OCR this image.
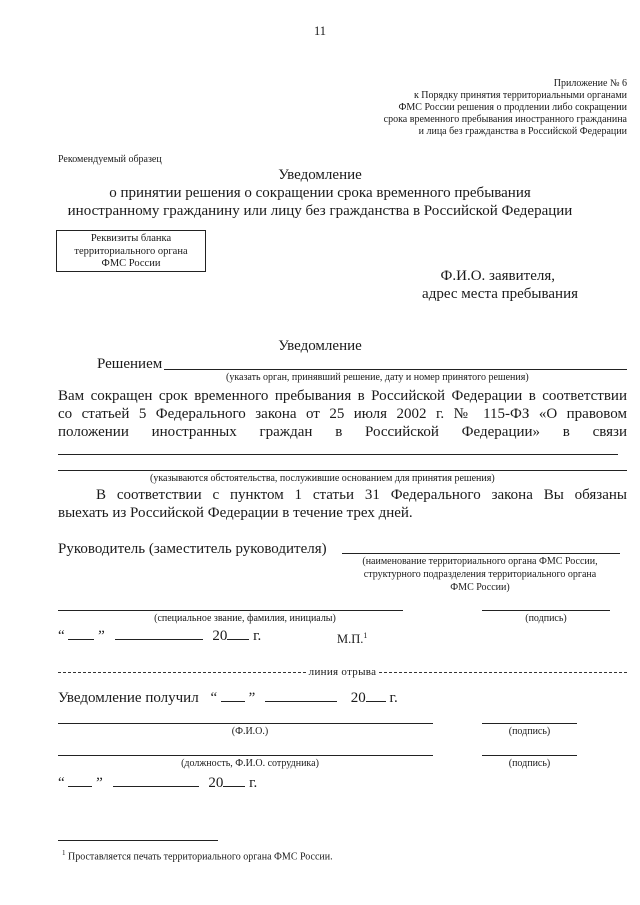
11
Приложение № 6
к Порядку принятия территориальными органами
ФМС России решения о продлении либо сокращении
срока временного пребывания иностранного гражданина
и лица без гражданства в Российской Федерации
Рекомендуемый образец
Уведомление
о принятии решения о сокращении срока временного пребывания
иностранному гражданину или лицу без гражданства в Российской Федерации
Реквизиты бланка территориального органа ФМС России
Ф.И.О. заявителя,
адрес места пребывания
Уведомление
Решением
(указать орган, принявший решение, дату и номер принятого решения)
Вам сокращен срок временного пребывания в Российской Федерации в соответствии
со статьей 5 Федерального закона от 25 июля 2002 г. № 115-ФЗ «О правовом
положении иностранных граждан в Российской Федерации» в связи
(указываются обстоятельства, послужившие основанием для принятия решения)
В соответствии с пунктом 1 статьи 31 Федерального закона Вы обязаны
выехать из Российской Федерации в течение трех дней.
Руководитель (заместитель руководителя)
(наименование территориального органа ФМС России,
структурного подразделения территориального органа
ФМС России)
(специальное звание, фамилия, инициалы)	(подпись)
“ ”	20 г.	М.П.$^1$
линия отрыва
Уведомление получил “ ”	20 г.
(Ф.И.О.)	(подпись)
(должность, Ф.И.О. сотрудника)	(подпись)
“ ”	20 г.
$^1$ Проставляется печать территориального органа ФМС России.
